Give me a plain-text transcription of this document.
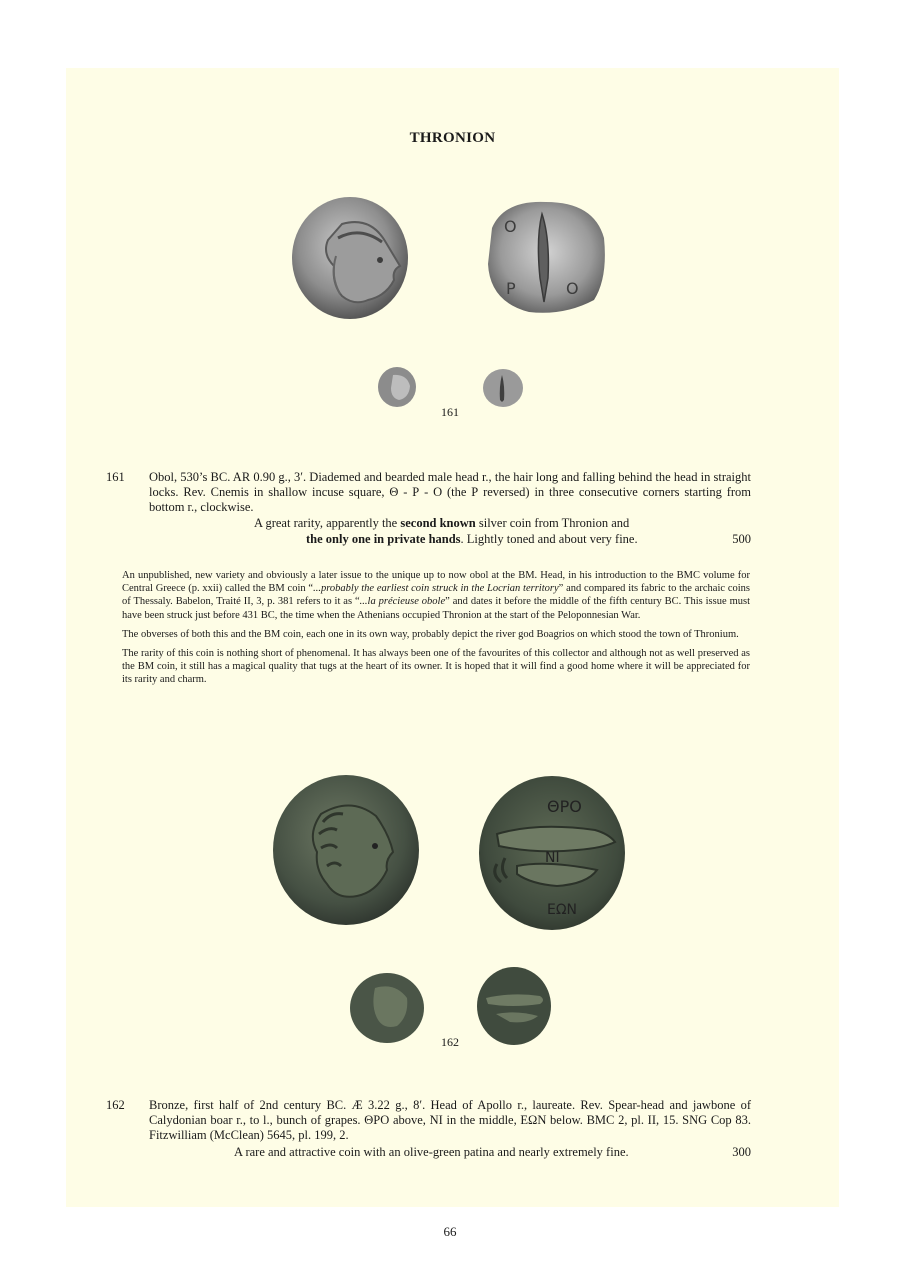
THRONION
Ο
Ρ	Ο
161
161	Obol, 530’s BC. AR 0.90 g., 3′. Diademed and bearded male head r., the hair long and falling behind the head in straight locks. Rev. Cnemis in shallow incuse square, Θ - Ρ - Ο (the Ρ reversed) in three consecutive corners starting from bottom r., clockwise.
A great rarity, apparently the second known silver coin from Thronion and
the only one in private hands. Lightly toned and about very fine.	500

An unpublished, new variety and obviously a later issue to the unique up to now obol at the BM. Head, in his introduction to the BMC volume for Central Greece (p. xxii) called the BM coin “...probably the earliest coin struck in the Locrian territory” and compared its fabric to the archaic coins of Thessaly. Babelon, Traité II, 3, p. 381 refers to it as “...la précieuse obole” and dates it before the middle of the fifth century BC. This issue must have been struck just before 431 BC, the time when the Athenians occupied Thronion at the start of the Peloponnesian War.

The obverses of both this and the BM coin, each one in its own way, probably depict the river god Boagrios on which stood the town of Thronium.

The rarity of this coin is nothing short of phenomenal. It has always been one of the favourites of this collector and although not as well preserved as the BM coin, it still has a magical quality that tugs at the heart of its owner. It is hoped that it will find a good home where it will be appreciated for its rarity and charm.

ΘΡΟ
ΝΙ
ΕΩΝ
162
162	Bronze, first half of 2nd century BC. Æ 3.22 g., 8′. Head of Apollo r., laureate. Rev. Spear-head and jawbone of Calydonian boar r., to l., bunch of grapes. ΘΡΟ above, ΝΙ in the middle, ΕΩΝ below. BMC 2, pl. II, 15. SNG Cop 83. Fitzwilliam (McClean) 5645, pl. 199, 2.
A rare and attractive coin with an olive-green patina and nearly extremely fine.	300
66
